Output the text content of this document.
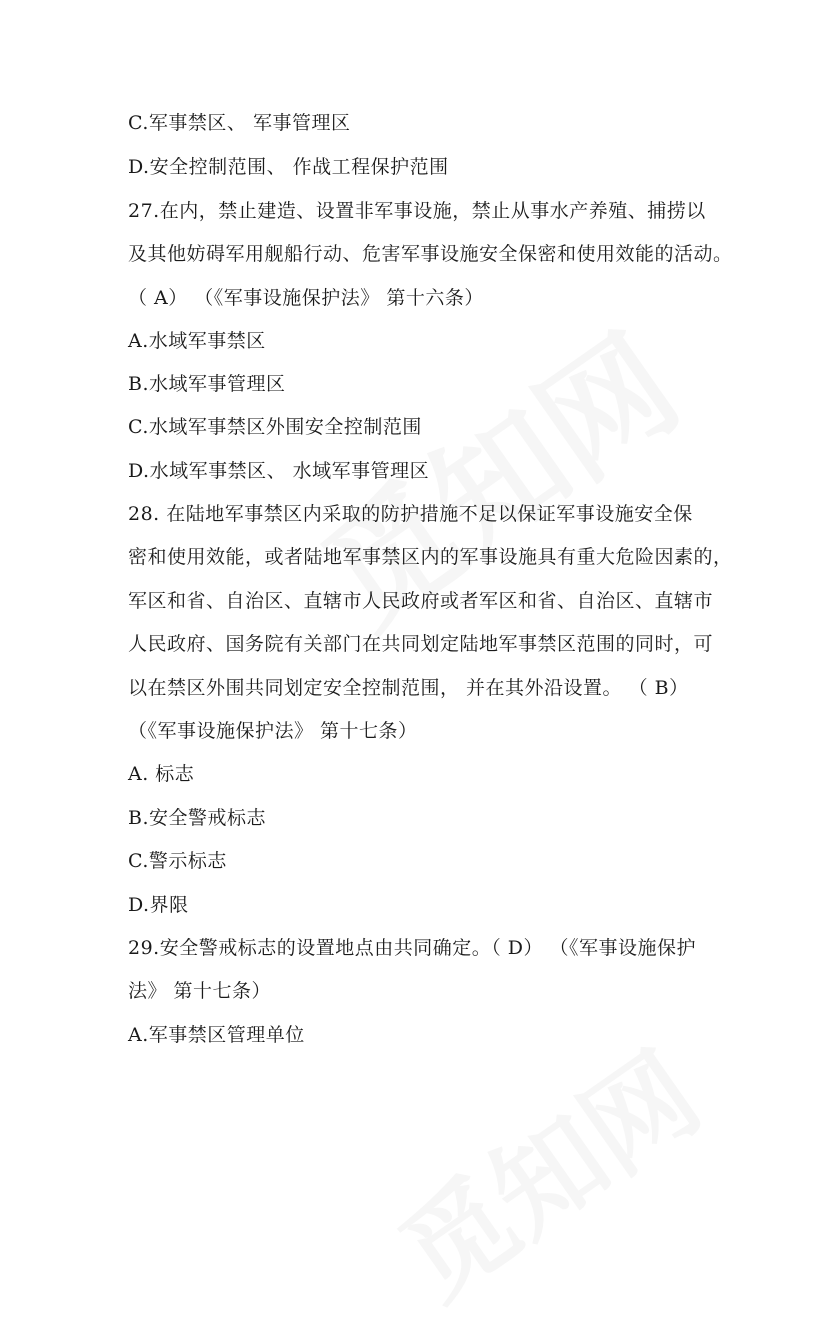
C.军事禁区、 军事管理区
D.安全控制范围、 作战工程保护范围
27.在内，禁止建造、设置非军事设施，禁止从事水产养殖、捕捞以
及其他妨碍军用舰船行动、危害军事设施安全保密和使用效能的活动。
（ A） （《军事设施保护法》 第十六条）
A.水域军事禁区
B.水域军事管理区
C.水域军事禁区外围安全控制范围
D.水域军事禁区、 水域军事管理区
28. 在陆地军事禁区内采取的防护措施不足以保证军事设施安全保
密和使用效能，或者陆地军事禁区内的军事设施具有重大危险因素的，
军区和省、自治区、直辖市人民政府或者军区和省、自治区、直辖市
人民政府、国务院有关部门在共同划定陆地军事禁区范围的同时，可
以在禁区外围共同划定安全控制范围， 并在其外沿设置。 （ B）
（《军事设施保护法》 第十七条）
A. 标志
B.安全警戒标志
C.警示标志
D.界限
29.安全警戒标志的设置地点由共同确定。（ D） （《军事设施保护
法》 第十七条）
A.军事禁区管理单位
